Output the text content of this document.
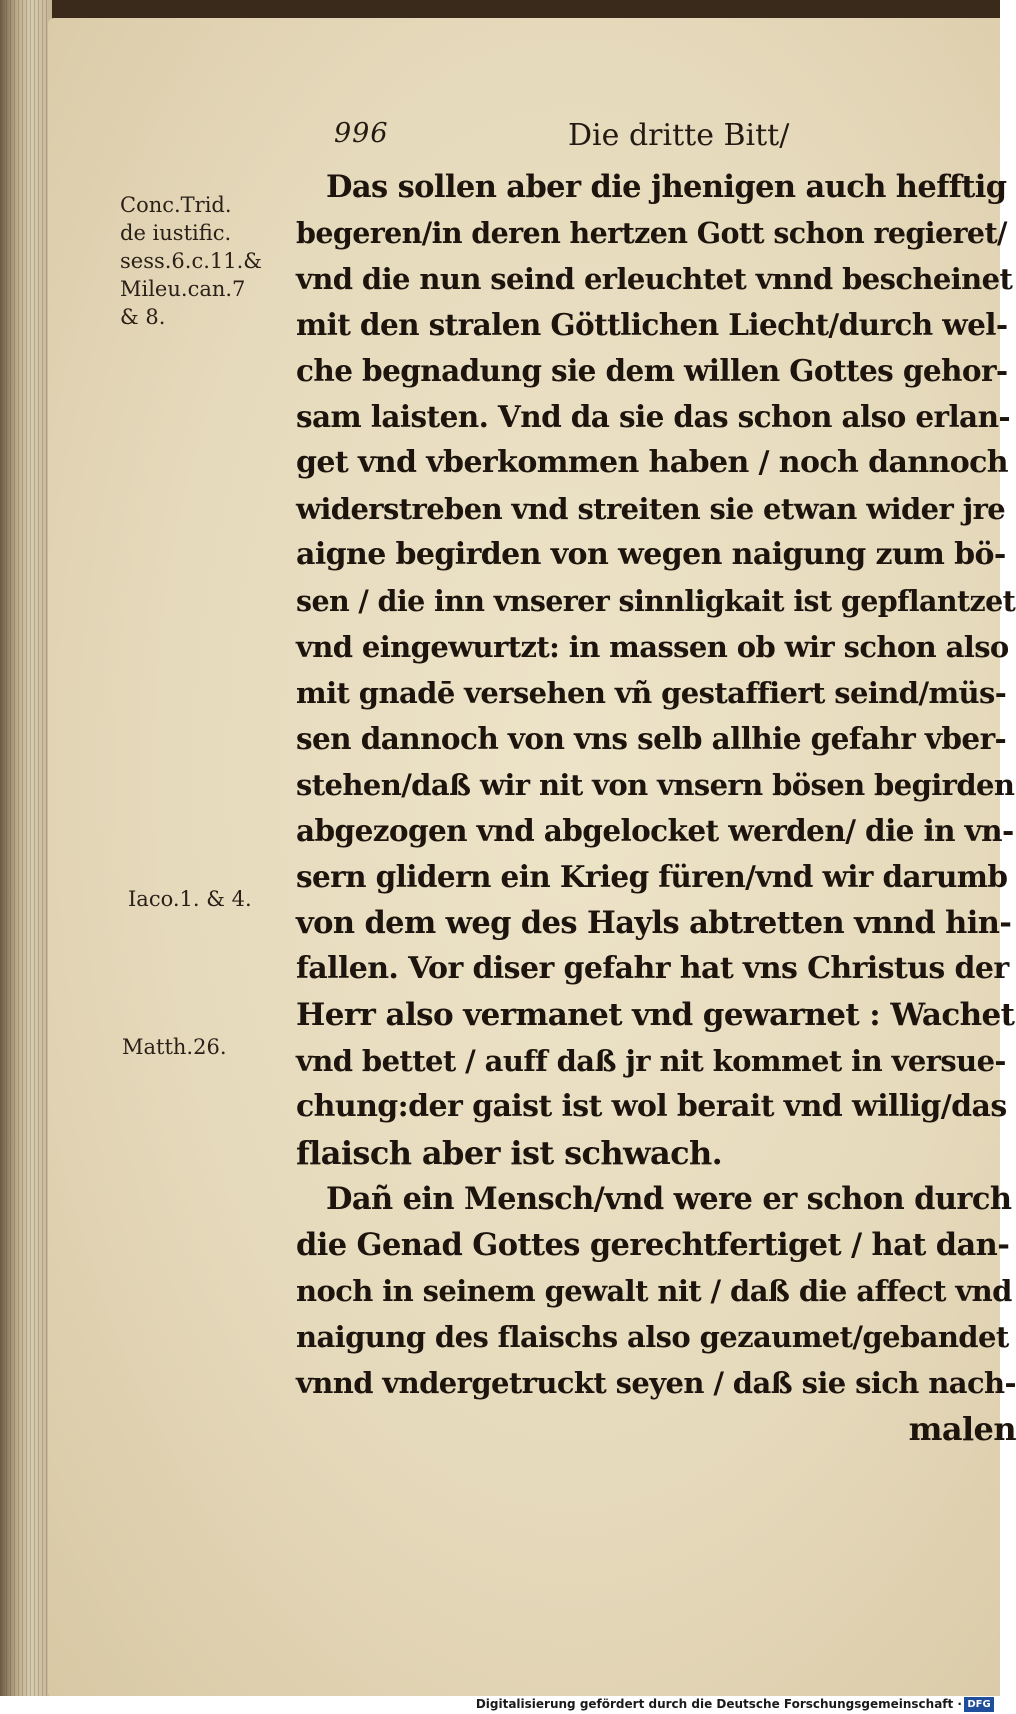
996	Die dritte Bitt/
Conc.Trid.
de iustific.
sess.6.c.11.&
Mileu.can.7
& 8.
Iaco.1. & 4.
Matth.26.
Das sollen aber die jhenigen auch hefftig
begeren/in deren hertzen Gott schon regieret/
vnd die nun seind erleuchtet vnnd bescheinet
mit den stralen Göttlichen Liecht/durch wel-
che begnadung sie dem willen Gottes gehor-
sam laisten. Vnd da sie das schon also erlan-
get vnd vberkommen haben / noch dannoch
widerstreben vnd streiten sie etwan wider jre
aigne begirden von wegen naigung zum bö-
sen / die inn vnserer sinnligkait ist gepflantzet
vnd eingewurtzt: in massen ob wir schon also
mit gnadē versehen vñ gestaffiert seind/müs-
sen dannoch von vns selb allhie gefahr vber-
stehen/daß wir nit von vnsern bösen begirden
abgezogen vnd abgelocket werden/ die in vn-
sern glidern ein Krieg füren/vnd wir darumb
von dem weg des Hayls abtretten vnnd hin-
fallen. Vor diser gefahr hat vns Christus der
Herr also vermanet vnd gewarnet : Wachet
vnd bettet / auff daß jr nit kommet in versue-
chung:der gaist ist wol berait vnd willig/das
flaisch aber ist schwach.
Dañ ein Mensch/vnd were er schon durch
die Genad Gottes gerechtfertiget / hat dan-
noch in seinem gewalt nit / daß die affect vnd
naigung des flaischs also gezaumet/gebandet
vnnd vndergetruckt seyen / daß sie sich nach-
malen
Digitalisierung gefördert durch die Deutsche Forschungsgemeinschaft · DFG
